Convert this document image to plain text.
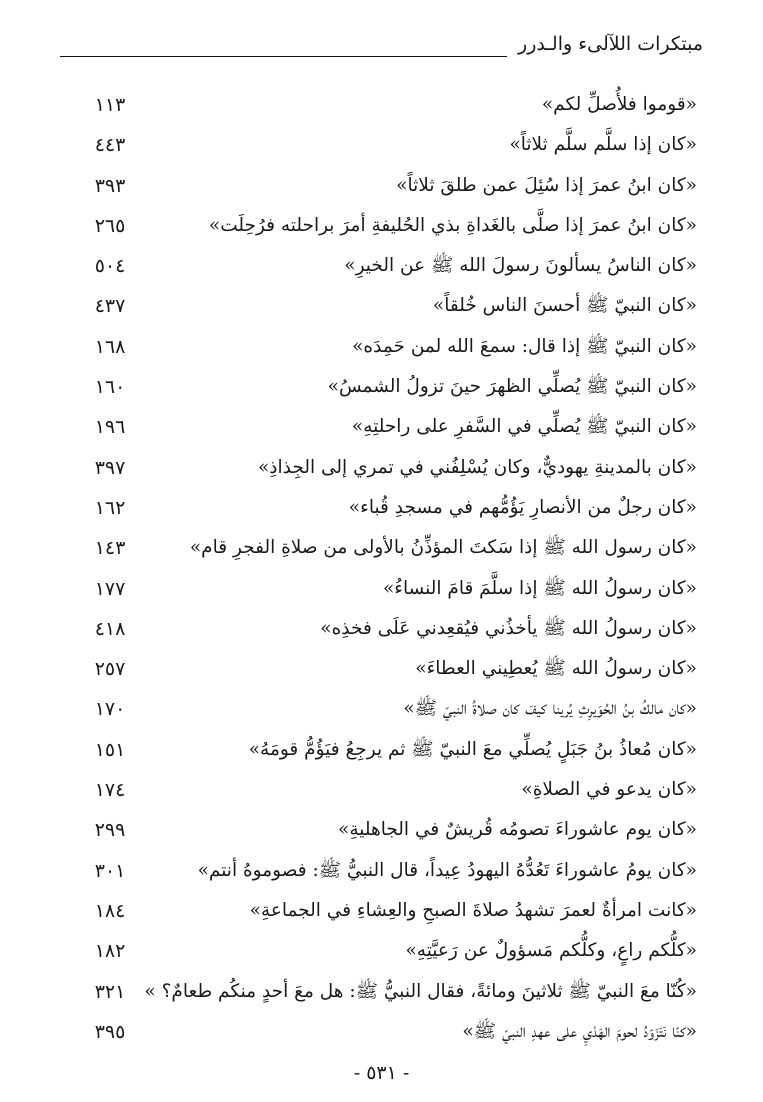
مبتكرات اللآلىء والـدرر
«قوموا فلأُصلِّ لكم»
١١٣
«كان إذا سلَّم سلَّم ثلاثاً»
٤٤٣
«كان ابنُ عمرَ إذا سُئِلَ عمن طلقَ ثلاثاً»
٣٩٣
«كان ابنُ عمرَ إذا صلَّى بالغَداةِ بذي الحُليفةِ أمرَ براحلته فرُحِلَت»
٢٦٥
«كان الناسُ يسألونَ رسولَ الله ﷺ عن الخيرِ»
٥٠٤
«كان النبيّ ﷺ أحسنَ الناس خُلقاً»
٤٣٧
«كان النبيّ ﷺ إذا قال: سمعَ الله لمن حَمِدَه»
١٦٨
«كان النبيّ ﷺ يُصلِّي الظهرَ حينَ تزولُ الشمسُ»
١٦٠
«كان النبيّ ﷺ يُصلِّي في السَّفرِ على راحلتِهِ»
١٩٦
«كان بالمدينةِ يهوديٌّ، وكان يُسْلِفُني في تمري إلى الجِذاذِ»
٣٩٧
«كان رجلٌ من الأنصارِ يَؤُمُّهم في مسجدِ قُباء»
١٦٢
«كان رسول الله ﷺ إذا سَكتَ المؤذِّنُ بالأولى من صلاةِ الفجرِ قام»
١٤٣
«كان رسولُ الله ﷺ إذا سلَّمَ قامَ النساءُ»
١٧٧
«كان رسولُ الله ﷺ يأخذُني فيُقعِدني عَلَى فخذِه»
٤١٨
«كان رسولُ الله ﷺ يُعطِيني العطاءَ»
٢٥٧
«كان مالكُ بنُ الحُوَيرِثِ يُرينا كيفَ كان صلاةُ النبيّ ﷺ»
١٧٠
«كان مُعاذُ بنُ جَبَلٍ يُصلِّي معَ النبيّ ﷺ ثم يرجِعُ فيَؤُمُّ قومَهُ»
١٥١
«كان يدعو في الصلاةِ»
١٧٤
«كان يوم عاشوراءَ تصومُه قُريشٌ في الجاهليةِ»
٢٩٩
«كان يومُ عاشوراءَ تَعُدُّهُ اليهودُ عِيداً، قال النبيُّ ﷺ: فصوموهُ أنتم»
٣٠١
«كانت امرأةٌ لعمرَ تشهدُ صلاةَ الصبحِ والعِشاءِ في الجماعةِ»
١٨٤
«كلُّكم راعٍ، وكلُّكم مَسؤولٌ عن رَعيَّتِهِ»
١٨٢
«كُنّا معَ النبيّ ﷺ ثلاثينَ ومائةً، فقال النبيُّ ﷺ: هل معَ أحدٍ منكُم طعامٌ؟ »
٣٢١
«كنّا نَتَزَوّدُ لحومَ الهَدْيِ على عهدِ النبيّ ﷺ»
٣٩٥
- ٥٣١ -
